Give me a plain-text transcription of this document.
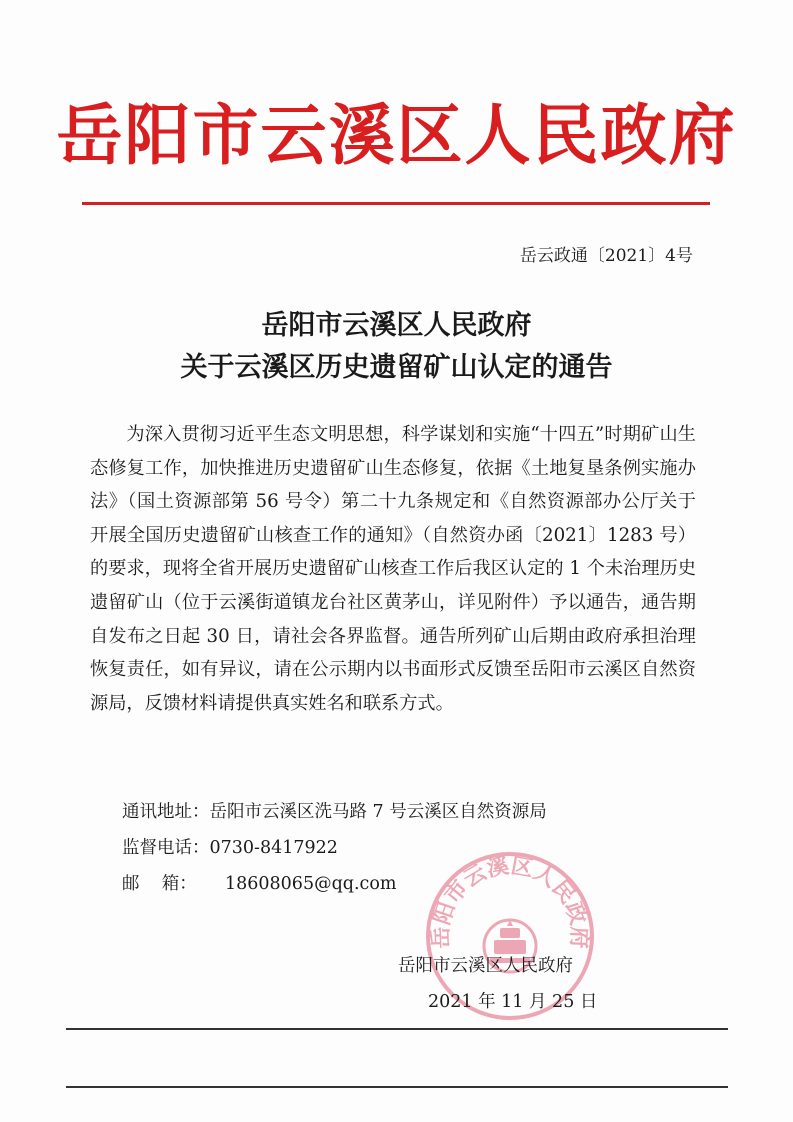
岳阳市云溪区人民政府
岳云政通〔2021〕4号
岳阳市云溪区人民政府
关于云溪区历史遗留矿山认定的通告
为深入贯彻习近平生态文明思想，科学谋划和实施“十四五”时期矿山生态修复工作，加快推进历史遗留矿山生态修复，依据《土地复垦条例实施办法》（国土资源部第 56 号令）第二十九条规定和《自然资源部办公厅关于开展全国历史遗留矿山核查工作的通知》（自然资办函〔2021〕1283 号）的要求，现将全省开展历史遗留矿山核查工作后我区认定的 1 个未治理历史遗留矿山（位于云溪街道镇龙台社区黄茅山，详见附件）予以通告，通告期自发布之日起 30 日，请社会各界监督。通告所列矿山后期由政府承担治理恢复责任，如有异议，请在公示期内以书面形式反馈至岳阳市云溪区自然资源局，反馈材料请提供真实姓名和联系方式。
通讯地址：岳阳市云溪区洗马路 7 号云溪区自然资源局
监督电话：0730-8417922
邮    箱： 18608065@qq.com
岳阳市云溪区人民政府
岳阳市云溪区人民政府
2021 年 11 月 25 日
